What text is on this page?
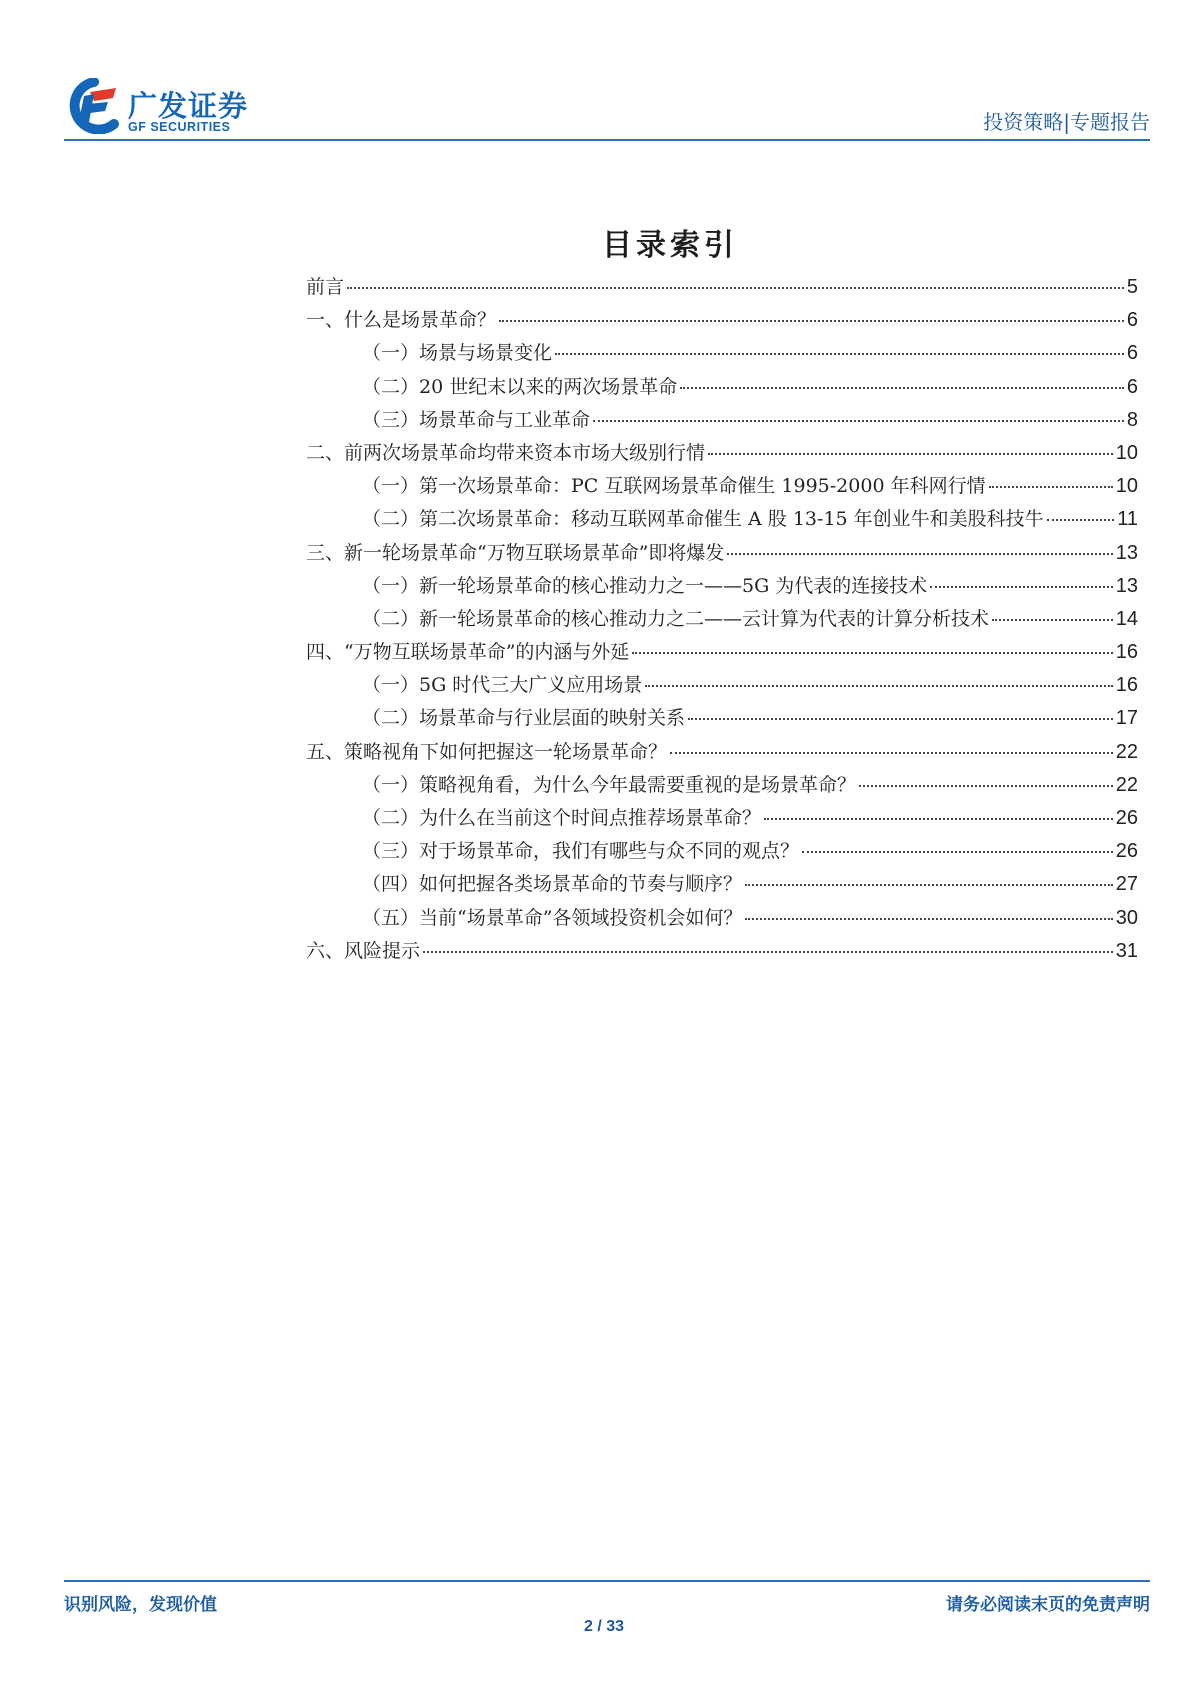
广发证券
GF SECURITIES	投资策略|专题报告
目录索引
前言	5
一、什么是场景革命？	6
（一）场景与场景变化	6
（二）20 世纪末以来的两次场景革命	6
（三）场景革命与工业革命	8
二、前两次场景革命均带来资本市场大级别行情	10
（一）第一次场景革命：PC 互联网场景革命催生 1995-2000 年科网行情	10
（二）第二次场景革命：移动互联网革命催生 A 股 13-15 年创业牛和美股科技牛	11
三、新一轮场景革命“万物互联场景革命”即将爆发	13
（一）新一轮场景革命的核心推动力之一——5G 为代表的连接技术	13
（二）新一轮场景革命的核心推动力之二——云计算为代表的计算分析技术	14
四、“万物互联场景革命”的内涵与外延	16
（一）5G 时代三大广义应用场景	16
（二）场景革命与行业层面的映射关系	17
五、策略视角下如何把握这一轮场景革命？	22
（一）策略视角看，为什么今年最需要重视的是场景革命？	22
（二）为什么在当前这个时间点推荐场景革命？	26
（三）对于场景革命，我们有哪些与众不同的观点？	26
（四）如何把握各类场景革命的节奏与顺序？	27
（五）当前“场景革命”各领域投资机会如何？	30
六、风险提示	31
识别风险，发现价值	请务必阅读末页的免责声明
2 / 33
